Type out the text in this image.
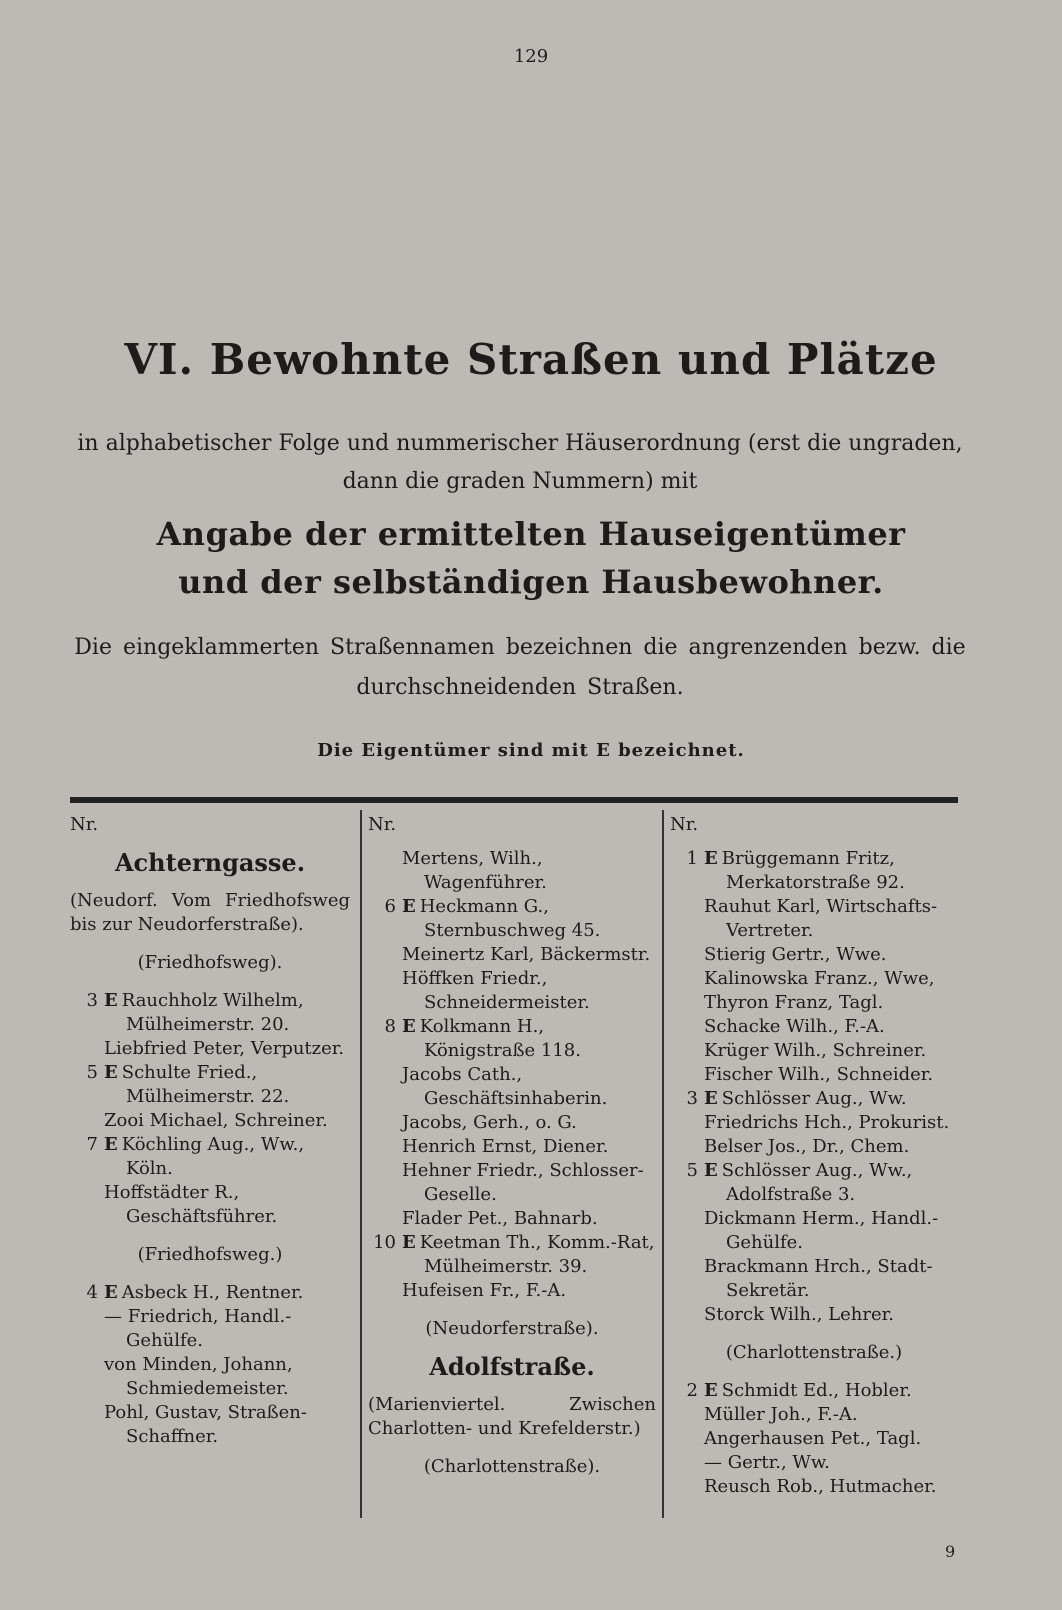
129
VI. Bewohnte Straßen und Plätze
in alphabetischer Folge und nummerischer Häuserordnung (erst die ungraden, dann die graden Nummern) mit
Angabe der ermittelten Hauseigentümer
und der selbständigen Hausbewohner.
Die eingeklammerten Straßennamen bezeichnen die angrenzenden bezw. die durchschneidenden Straßen.
Die Eigentümer sind mit E bezeichnet.
Nr.
Achterngasse.
(Neudorf. Vom Friedhofsweg bis zur Neudorferstraße).
(Friedhofsweg).
3 E Rauchholz Wilhelm, Mülheimerstr. 20.
Liebfried Peter, Verputzer.
5 E Schulte Fried., Mülheimerstr. 22.
Zooi Michael, Schreiner.
7 E Köchling Aug., Ww., Köln.
Hoffstädter R., Geschäftsführer.
(Friedhofsweg.)
4 E Asbeck H., Rentner.
— Friedrich, Handl.-Gehülfe.
von Minden, Johann, Schmiedemeister.
Pohl, Gustav, Straßen-Schaffner.
Nr.
Mertens, Wilh., Wagenführer.
6 E Heckmann G., Sternbuschweg 45.
Meinertz Karl, Bäckermstr.
Höffken Friedr., Schneidermeister.
8 E Kolkmann H., Königstraße 118.
Jacobs Cath., Geschäftsinhaberin.
Jacobs, Gerh., o. G.
Henrich Ernst, Diener.
Hehner Friedr., Schlosser-Geselle.
Flader Pet., Bahnarb.
10 E Keetman Th., Komm.-Rat, Mülheimerstr. 39.
Hufeisen Fr., F.-A.
(Neudorferstraße).
Adolfstraße.
(Marienviertel. Zwischen Charlotten- und Krefelderstr.)
(Charlottenstraße).
Nr.
1 E Brüggemann Fritz, Merkatorstraße 92.
Rauhut Karl, Wirtschafts-Vertreter.
Stierig Gertr., Wwe.
Kalinowska Franz., Wwe,
Thyron Franz, Tagl.
Schacke Wilh., F.-A.
Krüger Wilh., Schreiner.
Fischer Wilh., Schneider.
3 E Schlösser Aug., Ww.
Friedrichs Hch., Prokurist.
Belser Jos., Dr., Chem.
5 E Schlösser Aug., Ww., Adolfstraße 3.
Dickmann Herm., Handl.-Gehülfe.
Brackmann Hrch., Stadt-Sekretär.
Storck Wilh., Lehrer.
(Charlottenstraße.)
2 E Schmidt Ed., Hobler.
Müller Joh., F.-A.
Angerhausen Pet., Tagl.
— Gertr., Ww.
Reusch Rob., Hutmacher.
9
